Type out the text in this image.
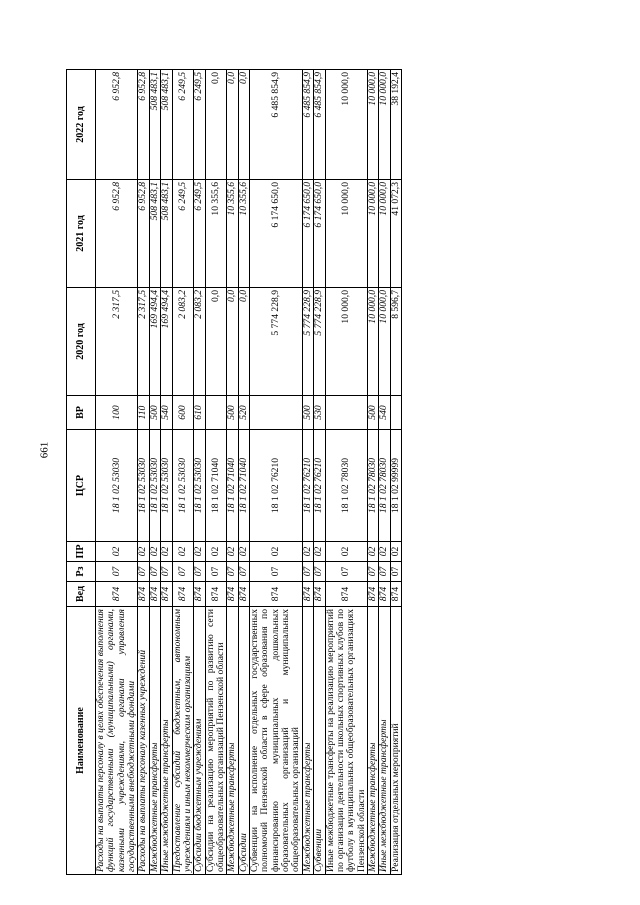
661
Наименование	Вед	Рз	ПР	ЦСР	ВР	2020 год	2021 год	2022 год
Расходы на выплаты персоналу в целях обеспечения выполнения функций государственными (муниципальными) органами, казенными учреждениями, органами управления государственными внебюджетными фондами	874	07	02	18 1 02 53030	100	2 317,5	6 952,8	6 952,8
Расходы на выплаты персоналу казенных учреждений	874	07	02	18 1 02 53030	110	2 317,5	6 952,8	6 952,8
Межбюджетные трансферты	874	07	02	18 1 02 53030	500	169 494,4	508 483,1	508 483,1
Иные межбюджетные трансферты	874	07	02	18 1 02 53030	540	169 494,4	508 483,1	508 483,1
Предоставление субсидий бюджетным, автономным учреждениям и иным некоммерческим организациям	874	07	02	18 1 02 53030	600	2 083,2	6 249,5	6 249,5
Субсидии бюджетным учреждениям	874	07	02	18 1 02 53030	610	2 083,2	6 249,5	6 249,5
Субсидии на реализацию мероприятий по развитию сети общеобразовательных организаций Пензенской области	874	07	02	18 1 02 71040		0,0	10 355,6	0,0
Межбюджетные трансферты	874	07	02	18 1 02 71040	500	0,0	10 355,6	0,0
Субсидии	874	07	02	18 1 02 71040	520	0,0	10 355,6	0,0
Субвенции на исполнение отдельных государственных полномочий Пензенской области в сфере образования по финансированию муниципальных дошкольных образовательных организаций и муниципальных общеобразовательных организаций	874	07	02	18 1 02 76210		5 774 228,9	6 174 650,0	6 485 854,9
Межбюджетные трансферты	874	07	02	18 1 02 76210	500	5 774 228,9	6 174 650,0	6 485 854,9
Субвенции	874	07	02	18 1 02 76210	530	5 774 228,9	6 174 650,0	6 485 854,9
Иные межбюджетные трансферты на реализацию мероприятий по организации деятельности школьных спортивных клубов по футболу в муниципальных общеобразовательных организациях Пензенской области	874	07	02	18 1 02 78030		10 000,0	10 000,0	10 000,0
Межбюджетные трансферты	874	07	02	18 1 02 78030	500	10 000,0	10 000,0	10 000,0
Иные межбюджетные трансферты	874	07	02	18 1 02 78030	540	10 000,0	10 000,0	10 000,0
Реализация отдельных мероприятий	874	07	02	18 1 02 99999		8 596,7	41 072,3	38 192,4
